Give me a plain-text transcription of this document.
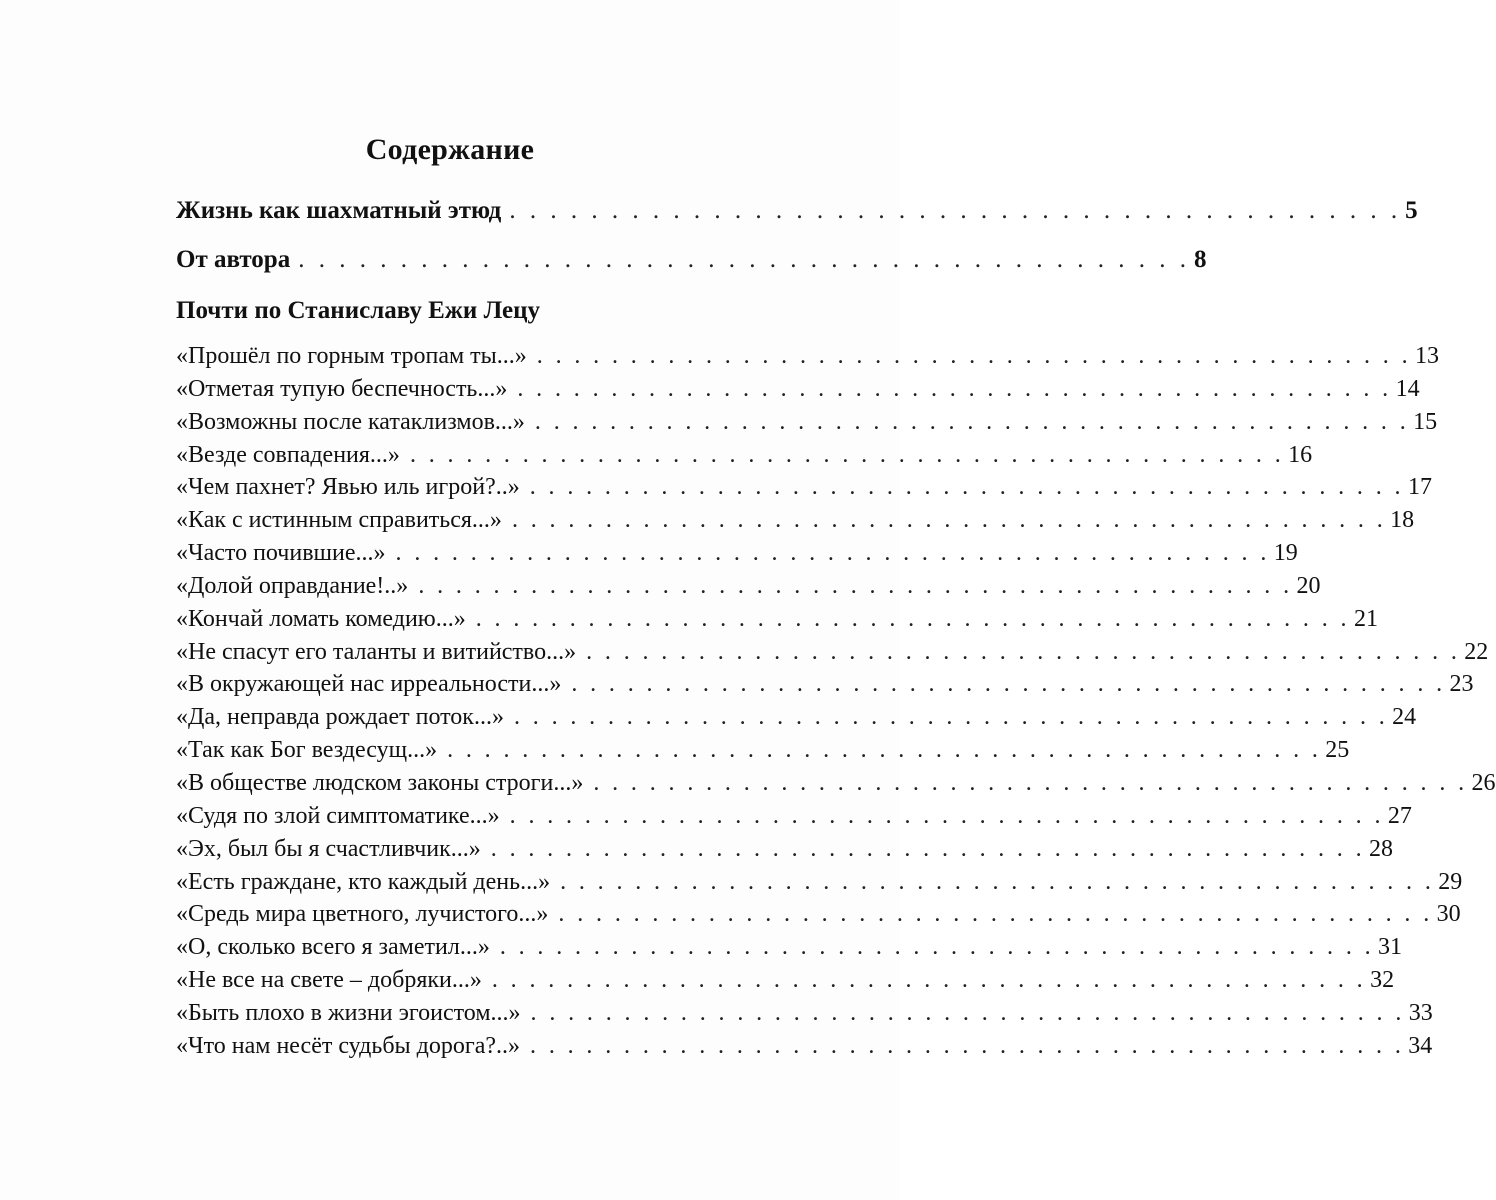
Содержание
Жизнь как шахматный этюд . . . . . . . . . . . . . . . . . . . . . . . . . . . . . . . . . . . . . . . . . . . . 5
От автора . . . . . . . . . . . . . . . . . . . . . . . . . . . . . . . . . . . . . . . . . . . . 8
Почти по Станиславу Ежи Лецу
«Прошёл по горным тропам ты...» . . . . . . . . . . . . . . . . . . . . . . . . . . . . . . . . . . . . . . . . . . . . . . . 13
«Отметая тупую беспечность...» . . . . . . . . . . . . . . . . . . . . . . . . . . . . . . . . . . . . . . . . . . . . . . . 14
«Возможны после катаклизмов...» . . . . . . . . . . . . . . . . . . . . . . . . . . . . . . . . . . . . . . . . . . . . . . . 15
«Везде совпадения...» . . . . . . . . . . . . . . . . . . . . . . . . . . . . . . . . . . . . . . . . . . . . . . . 16
«Чем пахнет? Явью иль игрой?..» . . . . . . . . . . . . . . . . . . . . . . . . . . . . . . . . . . . . . . . . . . . . . . . 17
«Как с истинным справиться...» . . . . . . . . . . . . . . . . . . . . . . . . . . . . . . . . . . . . . . . . . . . . . . . 18
«Часто почившие...» . . . . . . . . . . . . . . . . . . . . . . . . . . . . . . . . . . . . . . . . . . . . . . . 19
«Долой оправдание!..» . . . . . . . . . . . . . . . . . . . . . . . . . . . . . . . . . . . . . . . . . . . . . . . 20
«Кончай ломать комедию...» . . . . . . . . . . . . . . . . . . . . . . . . . . . . . . . . . . . . . . . . . . . . . . . 21
«Не спасут его таланты и витийство...» . . . . . . . . . . . . . . . . . . . . . . . . . . . . . . . . . . . . . . . . . . . . . . . 22
«В окружающей нас ирреальности...» . . . . . . . . . . . . . . . . . . . . . . . . . . . . . . . . . . . . . . . . . . . . . . . 23
«Да, неправда рождает поток...» . . . . . . . . . . . . . . . . . . . . . . . . . . . . . . . . . . . . . . . . . . . . . . . 24
«Так как Бог вездесущ...» . . . . . . . . . . . . . . . . . . . . . . . . . . . . . . . . . . . . . . . . . . . . . . . 25
«В обществе людском законы строги...» . . . . . . . . . . . . . . . . . . . . . . . . . . . . . . . . . . . . . . . . . . . . . . . 26
«Судя по злой симптоматике...» . . . . . . . . . . . . . . . . . . . . . . . . . . . . . . . . . . . . . . . . . . . . . . . 27
«Эх, был бы я счастливчик...» . . . . . . . . . . . . . . . . . . . . . . . . . . . . . . . . . . . . . . . . . . . . . . . 28
«Есть граждане, кто каждый день...» . . . . . . . . . . . . . . . . . . . . . . . . . . . . . . . . . . . . . . . . . . . . . . . 29
«Средь мира цветного, лучистого...» . . . . . . . . . . . . . . . . . . . . . . . . . . . . . . . . . . . . . . . . . . . . . . . 30
«О, сколько всего я заметил...» . . . . . . . . . . . . . . . . . . . . . . . . . . . . . . . . . . . . . . . . . . . . . . . 31
«Не все на свете – добряки...» . . . . . . . . . . . . . . . . . . . . . . . . . . . . . . . . . . . . . . . . . . . . . . . 32
«Быть плохо в жизни эгоистом...» . . . . . . . . . . . . . . . . . . . . . . . . . . . . . . . . . . . . . . . . . . . . . . . 33
«Что нам несёт судьбы дорога?..» . . . . . . . . . . . . . . . . . . . . . . . . . . . . . . . . . . . . . . . . . . . . . . . 34
